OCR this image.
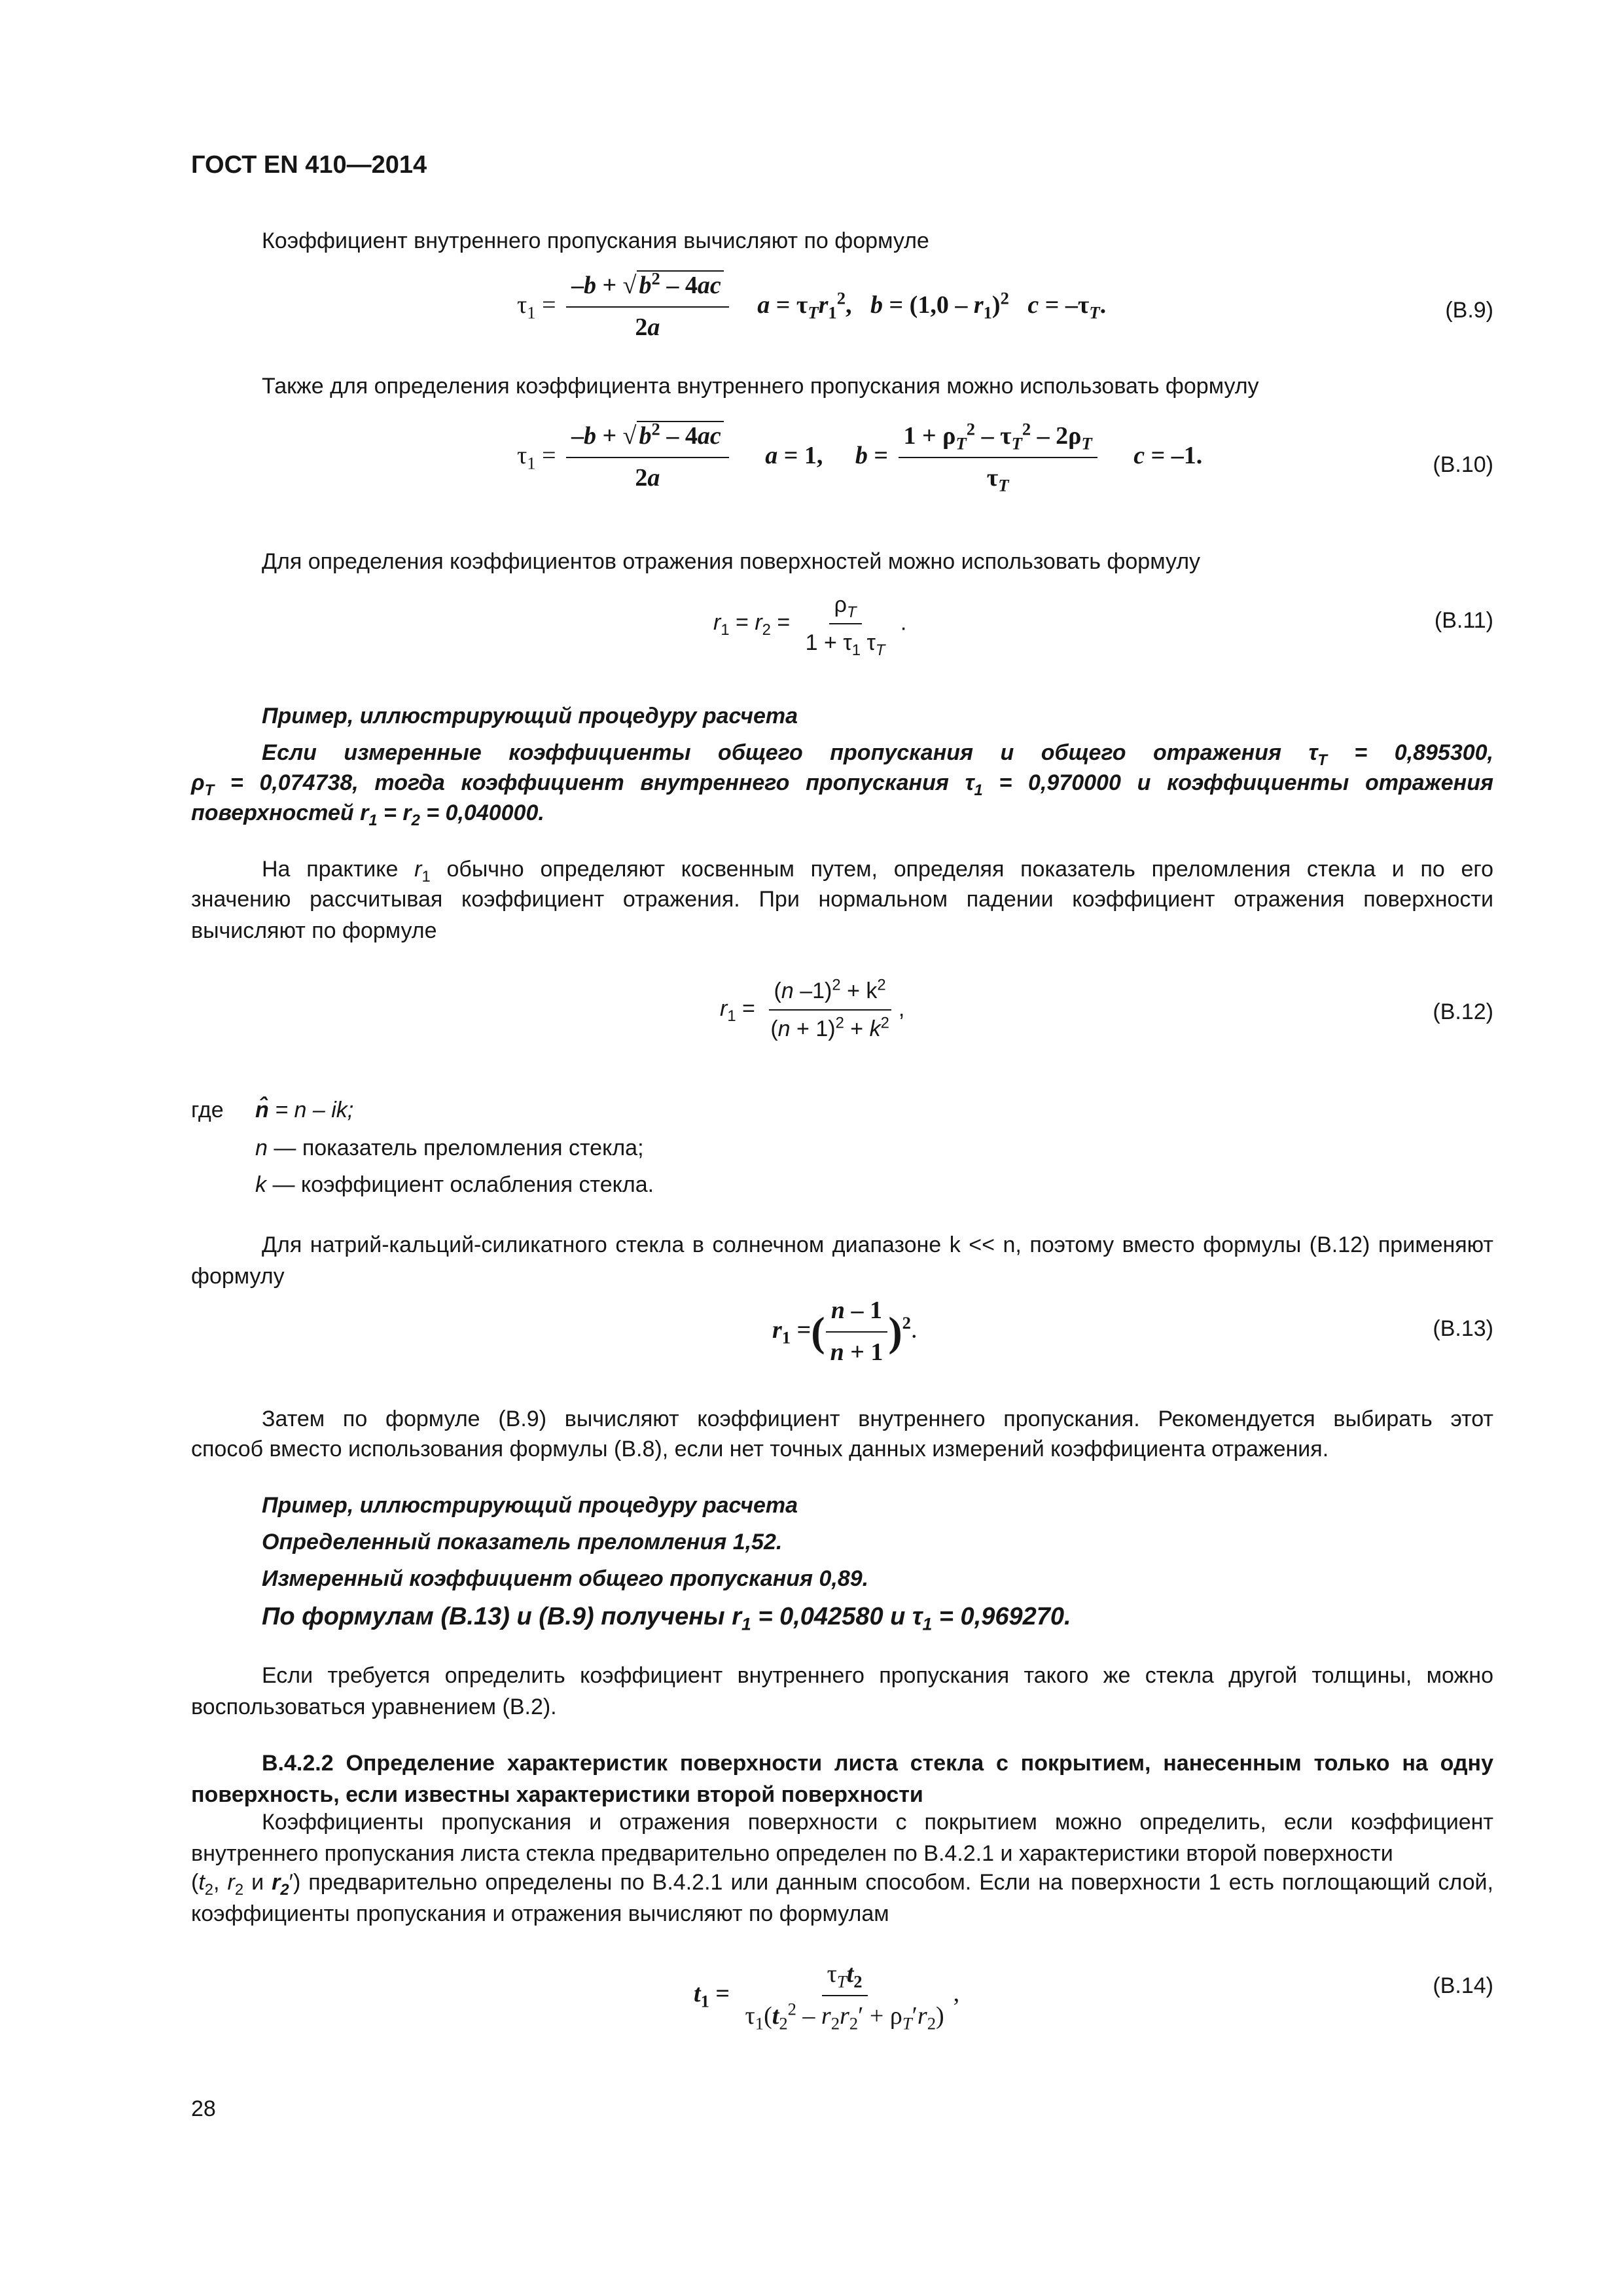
ГОСТ EN 410—2014
Коэффициент внутреннего пропускания вычисляют по формуле
$\tau_1 = \frac{-b + √ b^2 - 4ac}{2a}$ $a = \tau_Tr_1^2$,   $b = (1,0 - r_1)^2$ $c = -\tau_T$.	(В.9)
Также для определения коэффициента внутреннего пропускания можно использовать формулу
$\tau_1 = \frac{-b + √ b^2 - 4ac}{2a}$ a = 1, $b = \frac{1 + \rho_T^2 - \tau_T^2 - 2\rho_T}{\tau_T}$ c = –1.	(В.10)
Для определения коэффициентов отражения поверхностей можно использовать формулу
$r_1 = r_2 = \frac{\rho_T}{1 + \tau_1 \tau_T}$ .	(В.11)
Пример, иллюстрирующий процедуру расчета
Если измеренные коэффициенты общего пропускания и общего отражения $\tau_T = 0,895300$,
$\rho_T = 0,074738$, тогда коэффициент внутреннего пропускания $\tau_1 = 0,970000$ и коэффициенты отражения
поверхностей $r_1 = r_2 = 0,040000$.
На практике $r_1$ обычно определяют косвенным путем, определяя показатель преломления стекла и по его
значению рассчитывая коэффициент отражения. При нормальном падении коэффициент отражения поверхности вычисляют по формуле
$r_1 = \frac{(n -1)^2 + k^2}{(n + 1)^2 + k^2}$ ,	(В.12)
где n̂ = n – ik;
n — показатель преломления стекла;
k — коэффициент ослабления стекла.
Для натрий-кальций-силикатного стекла в солнечном диапазоне k << n, поэтому вместо формулы (В.12) применяют формулу
$r_1$ =( $\frac{n - 1}{n + 1} )^2$.	(В.13)
Затем по формуле (В.9) вычисляют коэффициент внутреннего пропускания. Рекомендуется выбирать этот
способ вместо использования формулы (В.8), если нет точных данных измерений коэффициента отражения.
Пример, иллюстрирующий процедуру расчета
Определенный показатель преломления 1,52.
Измеренный коэффициент общего пропускания 0,89.
По формулам (В.13) и (В.9) получены $r_1 = 0,042580$ и $\tau_1 = 0,969270$.
Если требуется определить коэффициент внутреннего пропускания такого же стекла другой толщины, можно воспользоваться уравнением (В.2).
В.4.2.2 Определение характеристик поверхности листа стекла с покрытием, нанесенным только на одну поверхность, если известны характеристики второй поверхности
Коэффициенты пропускания и отражения поверхности с покрытием можно определить, если коэффициент внутреннего пропускания листа стекла предварительно определен по В.4.2.1 и характеристики второй поверхности
($t_2$, $r_2$ и $r_2'$) предварительно определены по В.4.2.1 или данным способом. Если на поверхности 1 есть поглощающий слой, коэффициенты пропускания и отражения вычисляют по формулам
$t_1 = \frac{\tau_Tt_2}{\tau_1(t_2^2 - r_2r_2' + \rho_T'r_2)}$ ,	(В.14)
28
